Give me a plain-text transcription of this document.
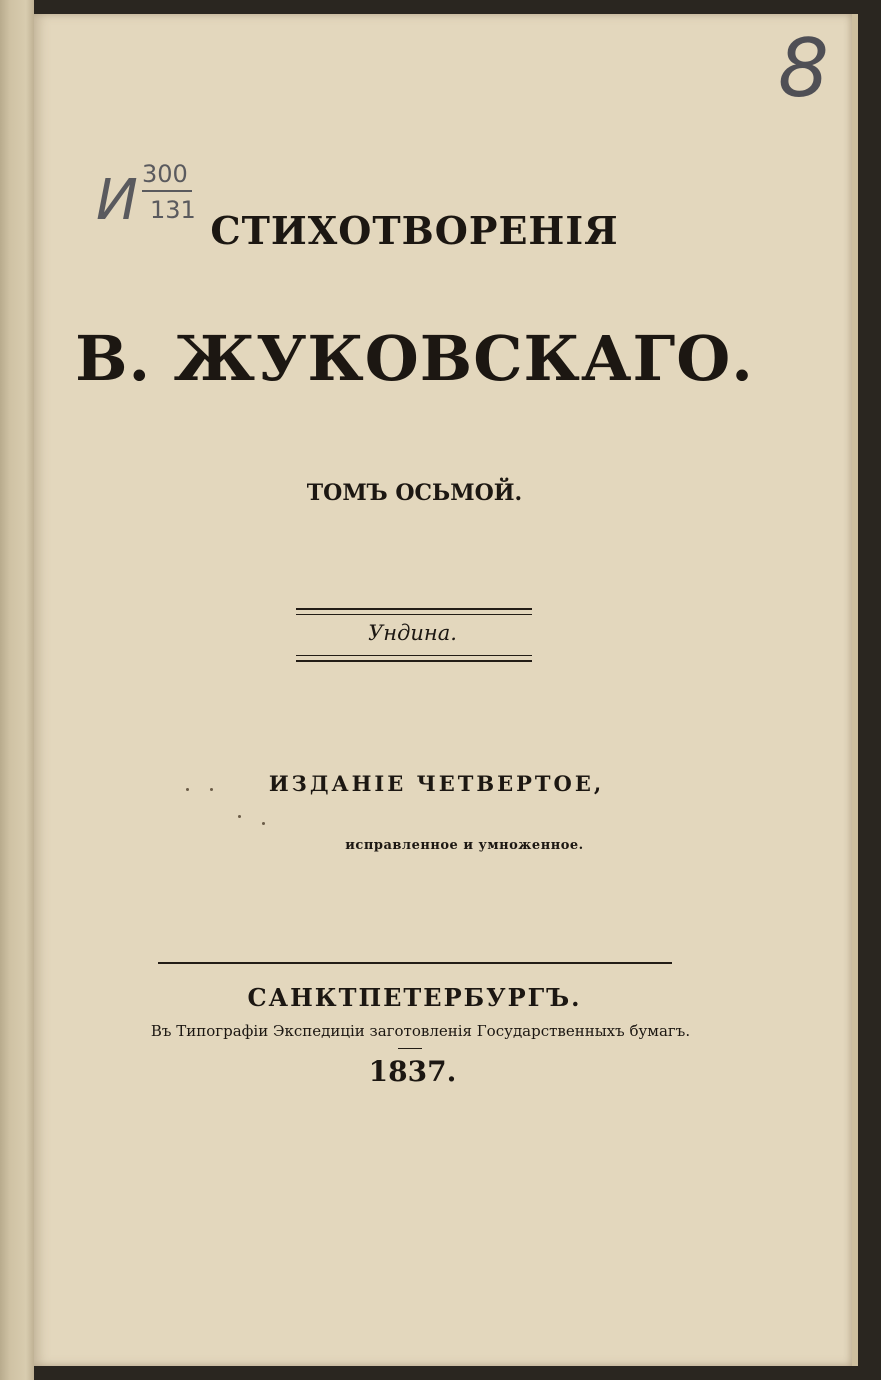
И 300
131
8
СТИХОТВОРЕНІЯ
В. ЖУКОВСКАГО.
ТОМЪ ОСЬМОЙ.
Ундина.
ИЗДАНІЕ ЧЕТВЕРТОЕ,
исправленное и умноженное.
САНКТПЕТЕРБУРГЪ.
Въ Типографіи Экспедиціи заготовленія Государственныхъ бумагъ.
1837.
